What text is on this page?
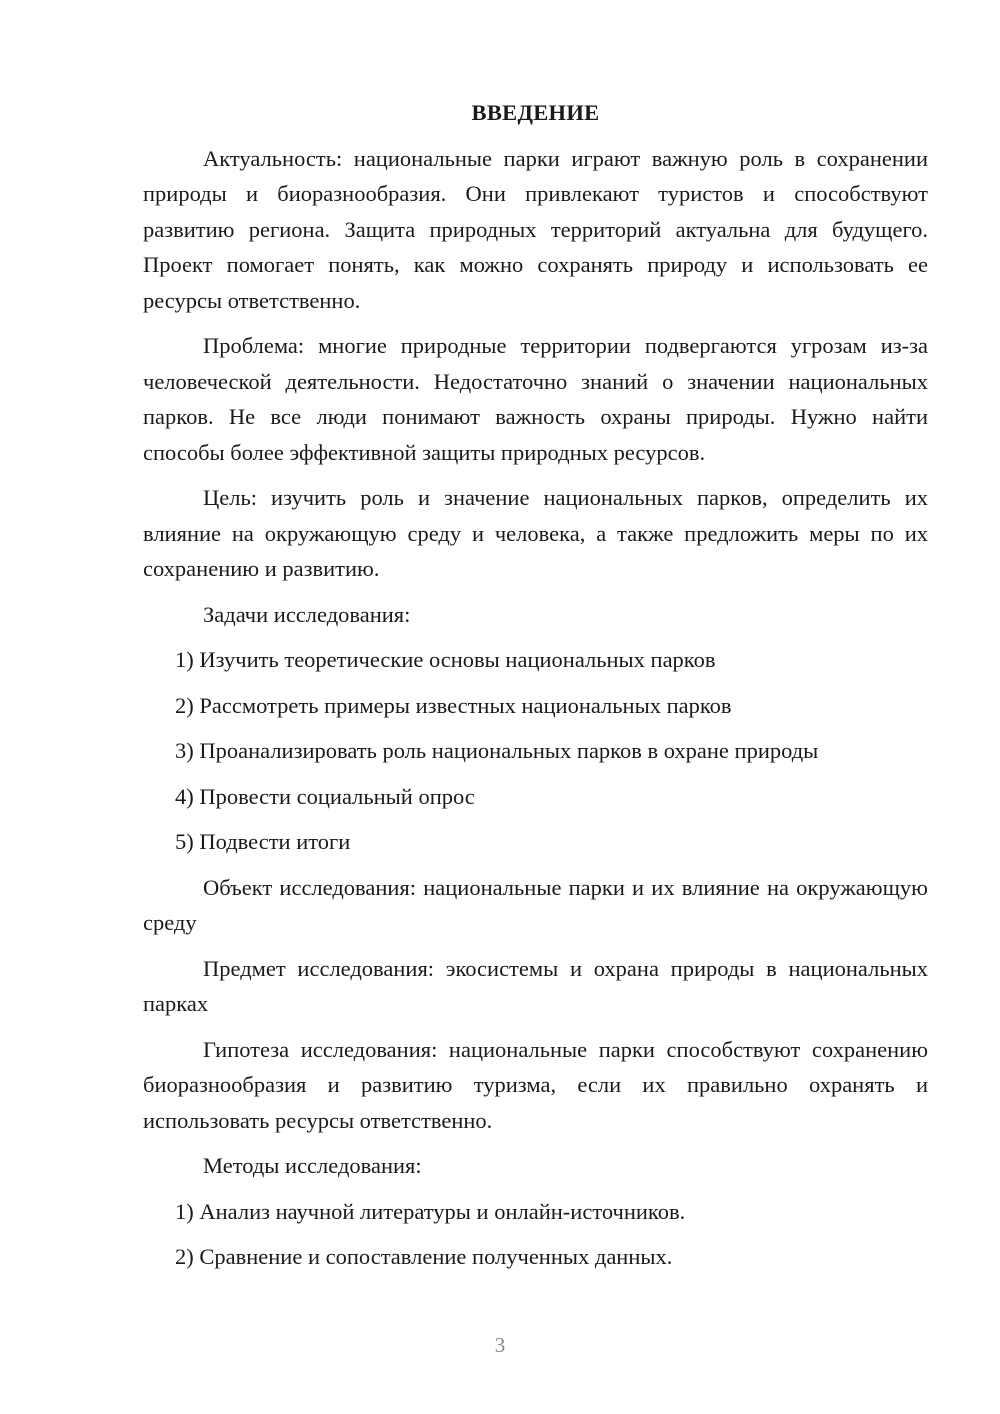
ВВЕДЕНИЕ

Актуальность: национальные парки играют важную роль в сохранении природы и биоразнообразия. Они привлекают туристов и способствуют развитию региона. Защита природных территорий актуальна для будущего. Проект помогает понять, как можно сохранять природу и использовать ее ресурсы ответственно.

Проблема: многие природные территории подвергаются угрозам из-за человеческой деятельности. Недостаточно знаний о значении национальных парков. Не все люди понимают важность охраны природы. Нужно найти способы более эффективной защиты природных ресурсов.

Цель: изучить роль и значение национальных парков, определить их влияние на окружающую среду и человека, а также предложить меры по их сохранению и развитию.

Задачи исследования:

1) Изучить теоретические основы национальных парков

2) Рассмотреть примеры известных национальных парков

3) Проанализировать роль национальных парков в охране природы

4) Провести социальный опрос

5) Подвести итоги

Объект исследования: национальные парки и их влияние на окружающую среду

Предмет исследования: экосистемы и охрана природы в национальных парках

Гипотеза исследования: национальные парки способствуют сохранению биоразнообразия и развитию туризма, если их правильно охранять и использовать ресурсы ответственно.

Методы исследования:

1) Анализ научной литературы и онлайн-источников.

2) Сравнение и сопоставление полученных данных.

3
